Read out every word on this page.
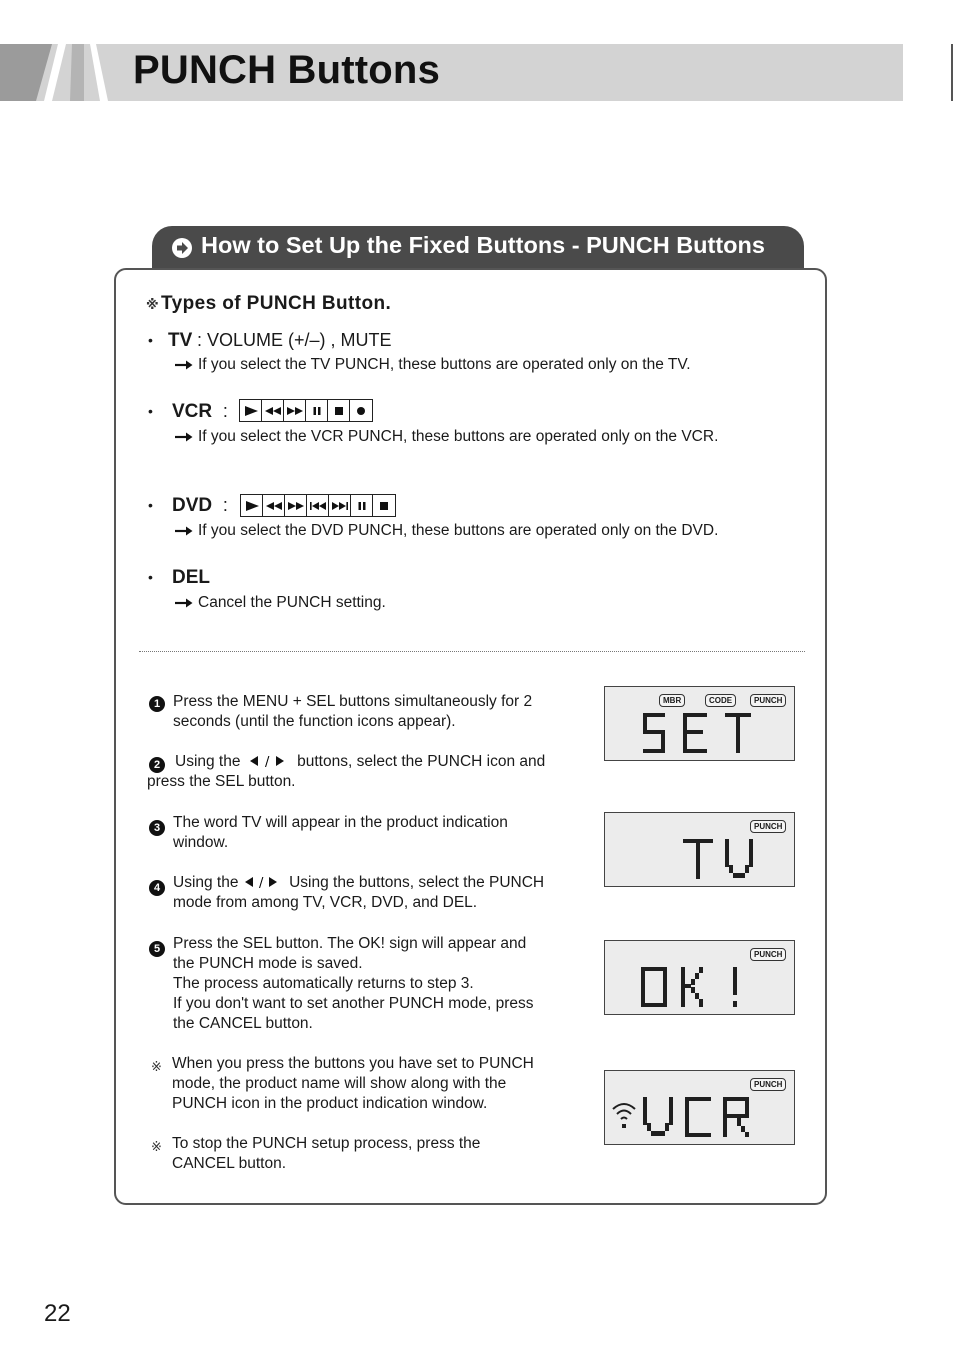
PUNCH Buttons
How to Set Up the Fixed Buttons - PUNCH Buttons
※ Types of PUNCH Button.
• TV : VOLUME (+/–) , MUTE
If you select the TV PUNCH, these buttons are operated only on the TV.
• VCR :
If you select the VCR PUNCH, these buttons are operated only on the VCR.
• DVD :
If you select the DVD PUNCH, these buttons are operated only on the DVD.
• DEL
Cancel the PUNCH setting.
1 Press the MENU + SEL buttons simultaneously for 2
seconds (until the function icons appear).
2 Using the / buttons, select the PUNCH icon and
press the SEL button.
3 The word TV will appear in the product indication
window.
4 Using the / Using the buttons, select the PUNCH
mode from among TV, VCR, DVD, and DEL.
5 Press the SEL button. The OK! sign will appear and
the PUNCH mode is saved.
The process automatically returns to step 3.
If you don't want to set another PUNCH mode, press
the CANCEL button.
※ When you press the buttons you have set to PUNCH
mode, the product name will show along with the
PUNCH icon in the product indication window.
※ To stop the PUNCH setup process, press the
CANCEL button.
MBR	CODE	PUNCH
PUNCH
PUNCH
PUNCH
22
